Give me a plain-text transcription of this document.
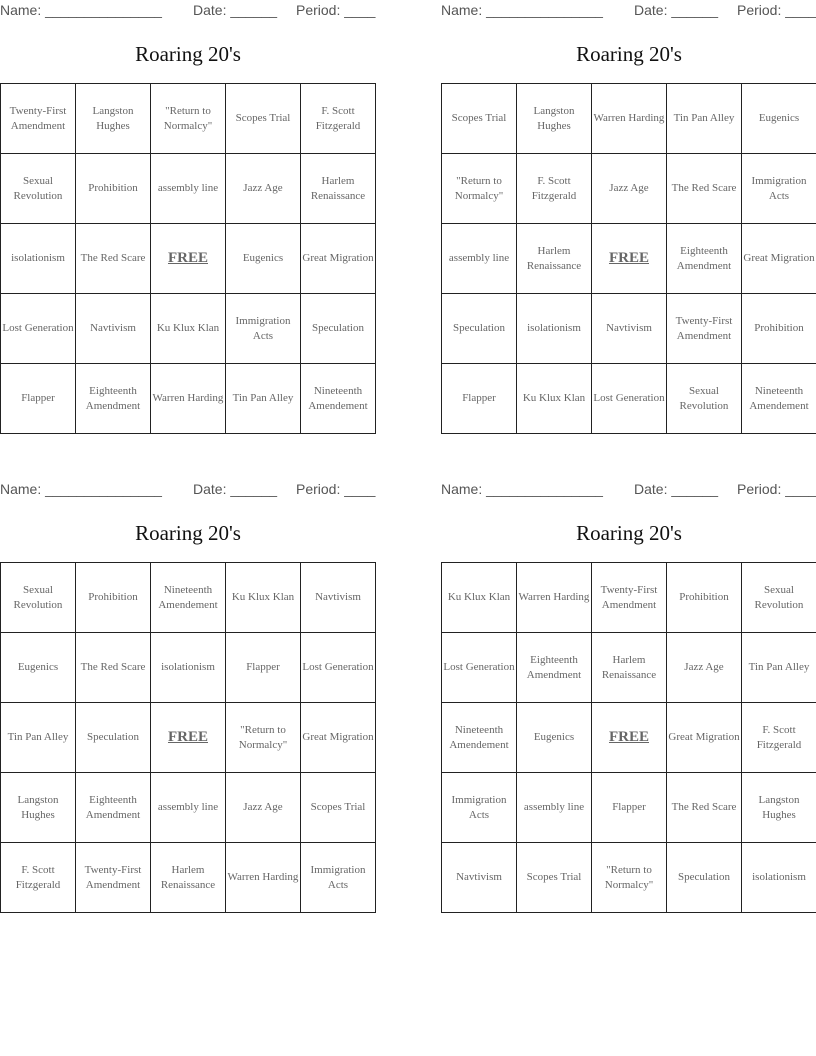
Name: _______________ Date: ______ Period: ____
Roaring 20's
Twenty-First Amendment	Langston Hughes	"Return to Normalcy"	Scopes Trial	F. Scott Fitzgerald
Sexual Revolution	Prohibition	assembly line	Jazz Age	Harlem Renaissance
isolationism	The Red Scare	FREE	Eugenics	Great Migration
Lost Generation	Navtivism	Ku Klux Klan	Immigration Acts	Speculation
Flapper	Eighteenth Amendment	Warren Harding	Tin Pan Alley	Nineteenth Amendement
Name: _______________ Date: ______ Period: ____
Roaring 20's
Scopes Trial	Langston Hughes	Warren Harding	Tin Pan Alley	Eugenics
"Return to Normalcy"	F. Scott Fitzgerald	Jazz Age	The Red Scare	Immigration Acts
assembly line	Harlem Renaissance	FREE	Eighteenth Amendment	Great Migration
Speculation	isolationism	Navtivism	Twenty-First Amendment	Prohibition
Flapper	Ku Klux Klan	Lost Generation	Sexual Revolution	Nineteenth Amendement
Name: _______________ Date: ______ Period: ____
Roaring 20's
Sexual Revolution	Prohibition	Nineteenth Amendement	Ku Klux Klan	Navtivism
Eugenics	The Red Scare	isolationism	Flapper	Lost Generation
Tin Pan Alley	Speculation	FREE	"Return to Normalcy"	Great Migration
Langston Hughes	Eighteenth Amendment	assembly line	Jazz Age	Scopes Trial
F. Scott Fitzgerald	Twenty-First Amendment	Harlem Renaissance	Warren Harding	Immigration Acts
Name: _______________ Date: ______ Period: ____
Roaring 20's
Ku Klux Klan	Warren Harding	Twenty-First Amendment	Prohibition	Sexual Revolution
Lost Generation	Eighteenth Amendment	Harlem Renaissance	Jazz Age	Tin Pan Alley
Nineteenth Amendement	Eugenics	FREE	Great Migration	F. Scott Fitzgerald
Immigration Acts	assembly line	Flapper	The Red Scare	Langston Hughes
Navtivism	Scopes Trial	"Return to Normalcy"	Speculation	isolationism
